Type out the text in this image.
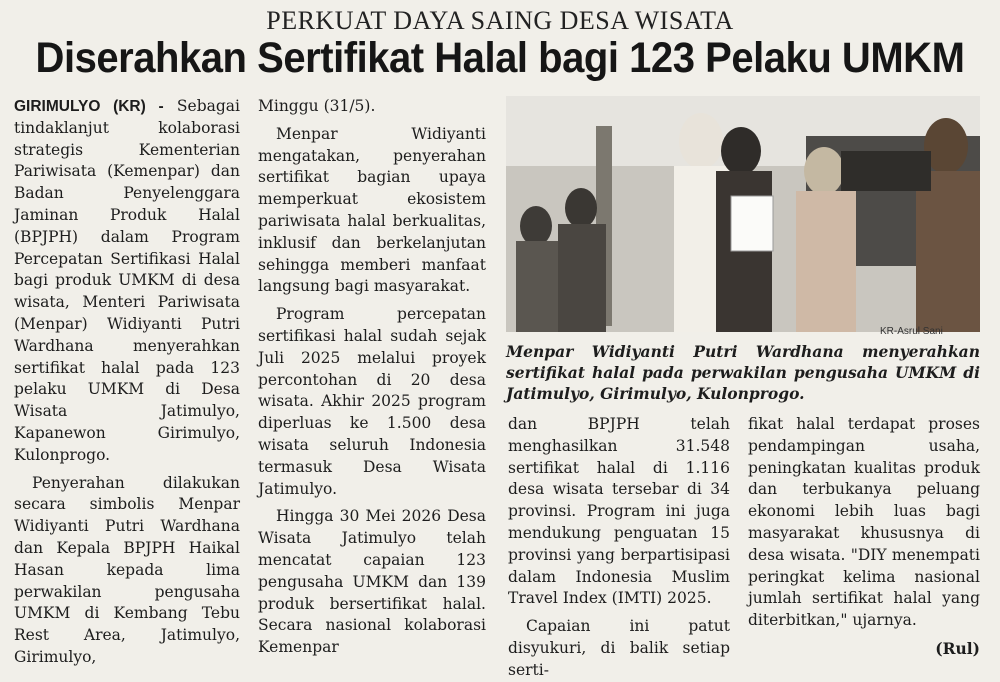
PERKUAT DAYA SAING DESA WISATA
Diserahkan Sertifikat Halal bagi 123 Pelaku UMKM

GIRIMULYO (KR) - Sebagai tindaklanjut kolaborasi strategis Kementerian Pariwisata (Kemenpar) dan Badan Penyelenggara Jaminan Produk Halal (BPJPH) dalam Program Percepatan Sertifikasi Halal bagi produk UMKM di desa wisata, Menteri Pariwisata (Menpar) Widiyanti Putri Wardhana menyerahkan sertifikat halal pada 123 pelaku UMKM di Desa Wisata Jatimulyo, Kapanewon Girimulyo, Kulonprogo.

Penyerahan dilakukan secara simbolis Menpar Widiyanti Putri Wardhana dan Kepala BPJPH Haikal Hasan kepada lima perwakilan pengusaha UMKM di Kembang Tebu Rest Area, Jatimulyo, Girimulyo,

Minggu (31/5).

Menpar Widiyanti mengatakan, penyerahan sertifikat bagian upaya memperkuat ekosistem pariwisata halal berkualitas, inklusif dan berkelanjutan sehingga memberi manfaat langsung bagi masyarakat.

Program percepatan sertifikasi halal sudah sejak Juli 2025 melalui proyek percontohan di 20 desa wisata. Akhir 2025 program diperluas ke 1.500 desa wisata seluruh Indonesia termasuk Desa Wisata Jatimulyo.

Hingga 30 Mei 2026 Desa Wisata Jatimulyo telah mencatat capaian 123 pengusaha UMKM dan 139 produk bersertifikat halal. Secara nasional kolaborasi Kemenpar

KR-Asrul Sani
Menpar Widiyanti Putri Wardhana menyerahkan sertifikat halal pada perwakilan pengusaha UMKM di Jatimulyo, Girimulyo, Kulonprogo.

dan BPJPH telah menghasilkan 31.548 sertifikat halal di 1.116 desa wisata tersebar di 34 provinsi. Program ini juga mendukung penguatan 15 provinsi yang berpartisipasi dalam Indonesia Muslim Travel Index (IMTI) 2025.

Capaian ini patut disyukuri, di balik setiap serti-

fikat halal terdapat proses pendampingan usaha, peningkatan kualitas produk dan terbukanya peluang ekonomi lebih luas bagi masyarakat khususnya di desa wisata. "DIY menempati peringkat kelima nasional jumlah sertifikat halal yang diterbitkan," ujarnya.

(Rul)
